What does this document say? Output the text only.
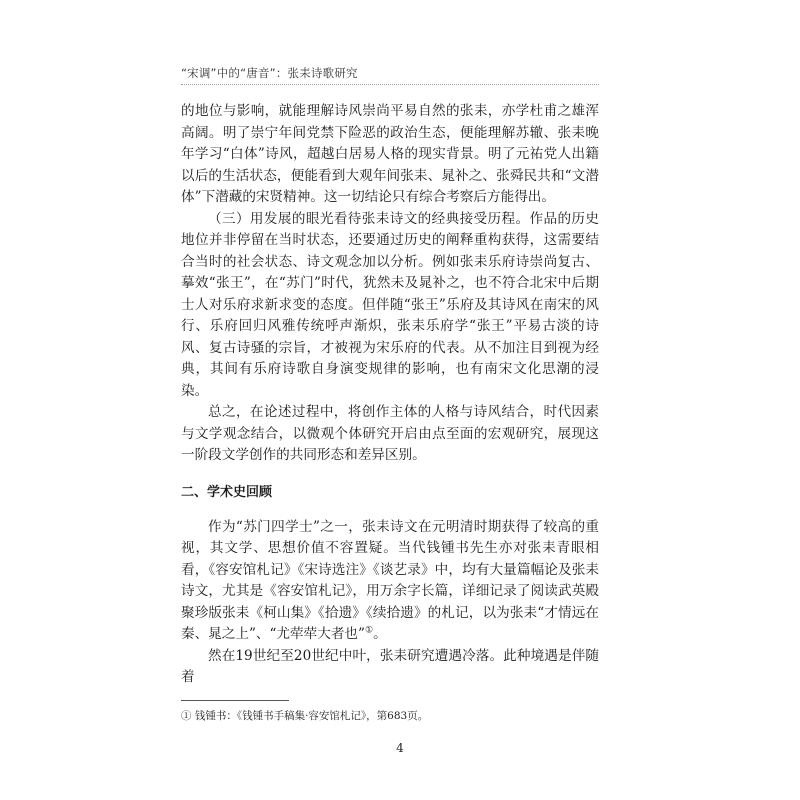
“宋调”中的“唐音”：张耒诗歌研究

的地位与影响，就能理解诗风崇尚平易自然的张耒，亦学杜甫之雄浑高阔。明了崇宁年间党禁下险恶的政治生态，便能理解苏辙、张耒晚年学习“白体”诗风，超越白居易人格的现实背景。明了元祐党人出籍以后的生活状态，便能看到大观年间张耒、晁补之、张舜民共和“文潜体”下潜藏的宋贤精神。这一切结论只有综合考察后方能得出。

（三）用发展的眼光看待张耒诗文的经典接受历程。作品的历史地位并非停留在当时状态，还要通过历史的阐释重构获得，这需要结合当时的社会状态、诗文观念加以分析。例如张耒乐府诗崇尚复古、摹效“张王”，在“苏门”时代，犹然未及晁补之，也不符合北宋中后期士人对乐府求新求变的态度。但伴随“张王”乐府及其诗风在南宋的风行、乐府回归风雅传统呼声渐炽，张耒乐府学“张王”平易古淡的诗风、复古诗骚的宗旨，才被视为宋乐府的代表。从不加注目到视为经典，其间有乐府诗歌自身演变规律的影响，也有南宋文化思潮的浸染。

总之，在论述过程中，将创作主体的人格与诗风结合，时代因素与文学观念结合，以微观个体研究开启由点至面的宏观研究，展现这一阶段文学创作的共同形态和差异区别。

二、学术史回顾

作为“苏门四学士”之一，张耒诗文在元明清时期获得了较高的重视，其文学、思想价值不容置疑。当代钱锺书先生亦对张耒青眼相看，《容安馆札记》《宋诗选注》《谈艺录》中，均有大量篇幅论及张耒诗文，尤其是《容安馆札记》，用万余字长篇，详细记录了阅读武英殿聚珍版张耒《柯山集》《拾遗》《续拾遗》的札记，以为张耒“才情远在秦、晁之上”、“尤荦荦大者也”①。

然在19世纪至20世纪中叶，张耒研究遭遇冷落。此种境遇是伴随着

① 钱锺书：《钱锺书手稿集·容安馆札记》，第683页。
4
